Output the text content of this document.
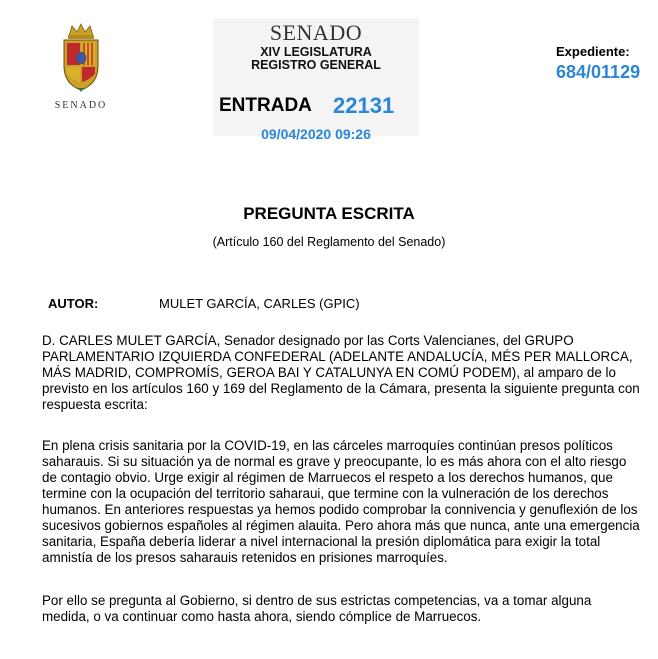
SENADO
SENADO
XIV LEGISLATURA
REGISTRO GENERAL
ENTRADA 22131
09/04/2020 09:26
Expediente:
684/01129
PREGUNTA ESCRITA
(Artículo 160 del Reglamento del Senado)
AUTOR:	MULET GARCÍA, CARLES (GPIC)
D. CARLES MULET GARCÍA, Senador designado por las Corts Valencianes, del GRUPO PARLAMENTARIO IZQUIERDA CONFEDERAL (ADELANTE ANDALUCÍA, MÉS PER MALLORCA, MÁS MADRID, COMPROMÍS, GEROA BAI Y CATALUNYA EN COMÚ PODEM), al amparo de lo previsto en los artículos 160 y 169 del Reglamento de la Cámara, presenta la siguiente pregunta con respuesta escrita:
En plena crisis sanitaria por la COVID-19, en las cárceles marroquíes continúan presos políticos saharauis. Si su situación ya de normal es grave y preocupante, lo es más ahora con el alto riesgo de contagio obvio. Urge exigir al régimen de Marruecos el respeto a los derechos humanos, que termine con la ocupación del territorio saharaui, que termine con la vulneración de los derechos humanos. En anteriores respuestas ya hemos podido comprobar la connivencia y genuflexión de los sucesivos gobiernos españoles al régimen alauita. Pero ahora más que nunca, ante una emergencia sanitaria, España debería liderar a nivel internacional la presión diplomática para exigir la total amnistía de los presos saharauis retenidos en prisiones marroquíes.
Por ello se pregunta al Gobierno, si dentro de sus estrictas competencias, va a tomar alguna medida, o va continuar como hasta ahora, siendo cómplice de Marruecos.
